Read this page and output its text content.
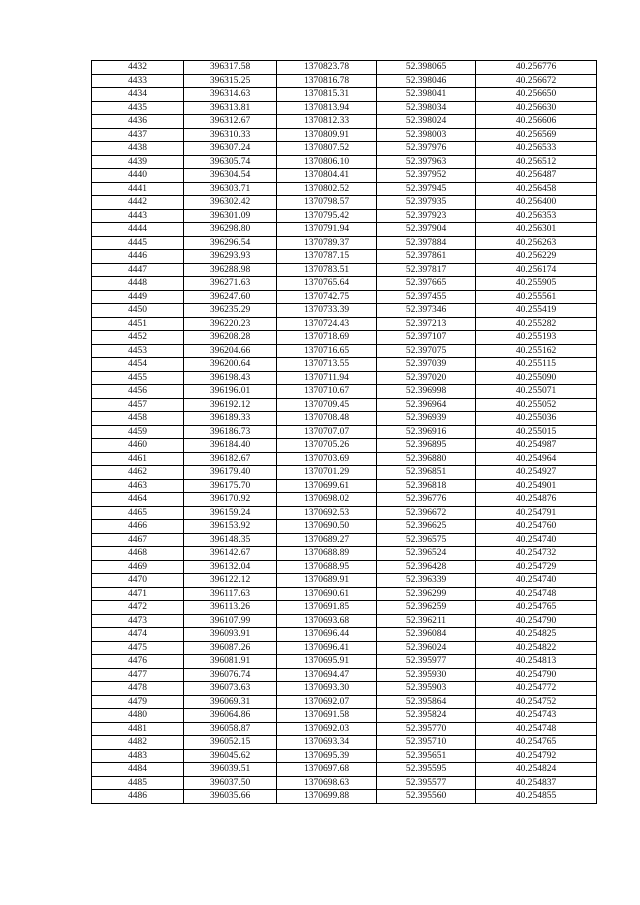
4432	396317.58	1370823.78	52.398065	40.256776
4433	396315.25	1370816.78	52.398046	40.256672
4434	396314.63	1370815.31	52.398041	40.256650
4435	396313.81	1370813.94	52.398034	40.256630
4436	396312.67	1370812.33	52.398024	40.256606
4437	396310.33	1370809.91	52.398003	40.256569
4438	396307.24	1370807.52	52.397976	40.256533
4439	396305.74	1370806.10	52.397963	40.256512
4440	396304.54	1370804.41	52.397952	40.256487
4441	396303.71	1370802.52	52.397945	40.256458
4442	396302.42	1370798.57	52.397935	40.256400
4443	396301.09	1370795.42	52.397923	40.256353
4444	396298.80	1370791.94	52.397904	40.256301
4445	396296.54	1370789.37	52.397884	40.256263
4446	396293.93	1370787.15	52.397861	40.256229
4447	396288.98	1370783.51	52.397817	40.256174
4448	396271.63	1370765.64	52.397665	40.255905
4449	396247.60	1370742.75	52.397455	40.255561
4450	396235.29	1370733.39	52.397346	40.255419
4451	396220.23	1370724.43	52.397213	40.255282
4452	396208.28	1370718.69	52.397107	40.255193
4453	396204.66	1370716.65	52.397075	40.255162
4454	396200.64	1370713.55	52.397039	40.255115
4455	396198.43	1370711.94	52.397020	40.255090
4456	396196.01	1370710.67	52.396998	40.255071
4457	396192.12	1370709.45	52.396964	40.255052
4458	396189.33	1370708.48	52.396939	40.255036
4459	396186.73	1370707.07	52.396916	40.255015
4460	396184.40	1370705.26	52.396895	40.254987
4461	396182.67	1370703.69	52.396880	40.254964
4462	396179.40	1370701.29	52.396851	40.254927
4463	396175.70	1370699.61	52.396818	40.254901
4464	396170.92	1370698.02	52.396776	40.254876
4465	396159.24	1370692.53	52.396672	40.254791
4466	396153.92	1370690.50	52.396625	40.254760
4467	396148.35	1370689.27	52.396575	40.254740
4468	396142.67	1370688.89	52.396524	40.254732
4469	396132.04	1370688.95	52.396428	40.254729
4470	396122.12	1370689.91	52.396339	40.254740
4471	396117.63	1370690.61	52.396299	40.254748
4472	396113.26	1370691.85	52.396259	40.254765
4473	396107.99	1370693.68	52.396211	40.254790
4474	396093.91	1370696.44	52.396084	40.254825
4475	396087.26	1370696.41	52.396024	40.254822
4476	396081.91	1370695.91	52.395977	40.254813
4477	396076.74	1370694.47	52.395930	40.254790
4478	396073.63	1370693.30	52.395903	40.254772
4479	396069.31	1370692.07	52.395864	40.254752
4480	396064.86	1370691.58	52.395824	40.254743
4481	396058.87	1370692.03	52.395770	40.254748
4482	396052.15	1370693.34	52.395710	40.254765
4483	396045.62	1370695.39	52.395651	40.254792
4484	396039.51	1370697.68	52.395595	40.254824
4485	396037.50	1370698.63	52.395577	40.254837
4486	396035.66	1370699.88	52.395560	40.254855
